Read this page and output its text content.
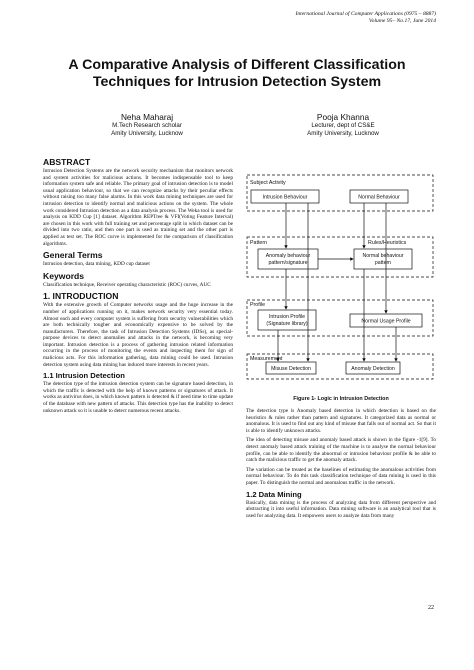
International Journal of Computer Applications (0975 – 8887)
Volume 95– No.17, June 2014
A Comparative Analysis of Different Classification Techniques for Intrusion Detection System
Neha Maharaj
M.Tech Research scholar
Amity University, Lucknow
Pooja Khanna
Lecturer, dept of CS&E
Amity University, Lucknow
ABSTRACT

Intrusion Detection Systems are the network security mechanism that monitors network and system activities for malicious actions. It becomes indispensable tool to keep information system safe and reliable. The primary goal of intrusion detection is to model usual application behaviour, so that we can recognize attacks by their peculiar effects without raising too many false alarms. In this work data mining techniques are used for intrusion detection to identify normal and malicious actions on the system. The whole work considered Intrusion detection as a data analysis process. The Weka tool is used for analysis on KDD Cup [1] dataset. Algorithm REPTree & VFI(Voting Feature Interval) are chosen in this work with full training set and percentage split in which dataset can be divided into two ratio, and then one part is used as training set and the other part is applied as test set. The ROC curve is implemented for the comparison of classification algorithms.

General Terms

Intrusion detection, data mining, KDD cup dataset

Keywords

Classification technique, Receiver operating characteristic (ROC) curves, AUC

1. INTRODUCTION

With the extensive growth of Computer networks usage and the huge increase in the number of applications running on it, makes network security very essential today. Almost each and every computer system is suffering from security vulnerabilities which are both technically tougher and economically expensive to be solved by the manufacturers. Therefore, the task of Intrusion Detection Systems (IDSs), as special-purpose devices to detect anomalies and attacks in the network, is becoming very important. Intrusion detection is a process of gathering intrusion related information occurring in the process of monitoring the events and inspecting them for sign of malicious acts. For this information gathering, data mining could be used. Intrusion detection system using data mining has induced more interests in recent years.

1.1 Intrusion Detection

The detection type of the intrusion detection system can be signature based detection, in which the traffic is detected with the help of known patterns or signatures of attack. It works as antivirus does, in which known pattern is detected & if need time to time update of the database with new pattern of attacks. This detection type has the inability to detect unknown attack so it is unable to detect numerous recent attacks.

Subject Activity
Pattern	Rules/Heuristics
Profile
Measurement
Intrusion Behaviour	Normal Behaviour
Anomaly behaviour
pattern/signature
Normal behaviour
pattern
Intrusion Profile
(Signature library)	Normal Usage Profile
Misuse Detection	Anomaly Detection
Figure 1- Logic in Intrusion Detection

The detection type is Anomaly based detection in which detection is based on the heuristics & rules rather than pattern and signatures. It categorized data as normal or anomalous. It is used to find out any kind of misuse that falls out of normal act. So that it is able to identify unknown attacks.

The idea of detecting misuse and anomaly based attack is shown in the figure -1[9]. To detect anomaly based attack training of the machine is to analyse the normal behaviour profile, can be able to identify the abnormal or intrusion behaviour profile & be able to catch the malicious traffic to get the anomaly attack.

The variation can be treated as the baselines of estimating the anomalous activities from normal behaviour. To do this task classification technique of data mining is used in this paper. To distinguish the normal and anomalous traffic in the network.

1.2 Data Mining

Basically, data mining is the process of analyzing data from different perspective and abstracting it into useful information. Data mining software is an analytical tool that is used for analyzing data. It empowers users to analyze data from many

22
